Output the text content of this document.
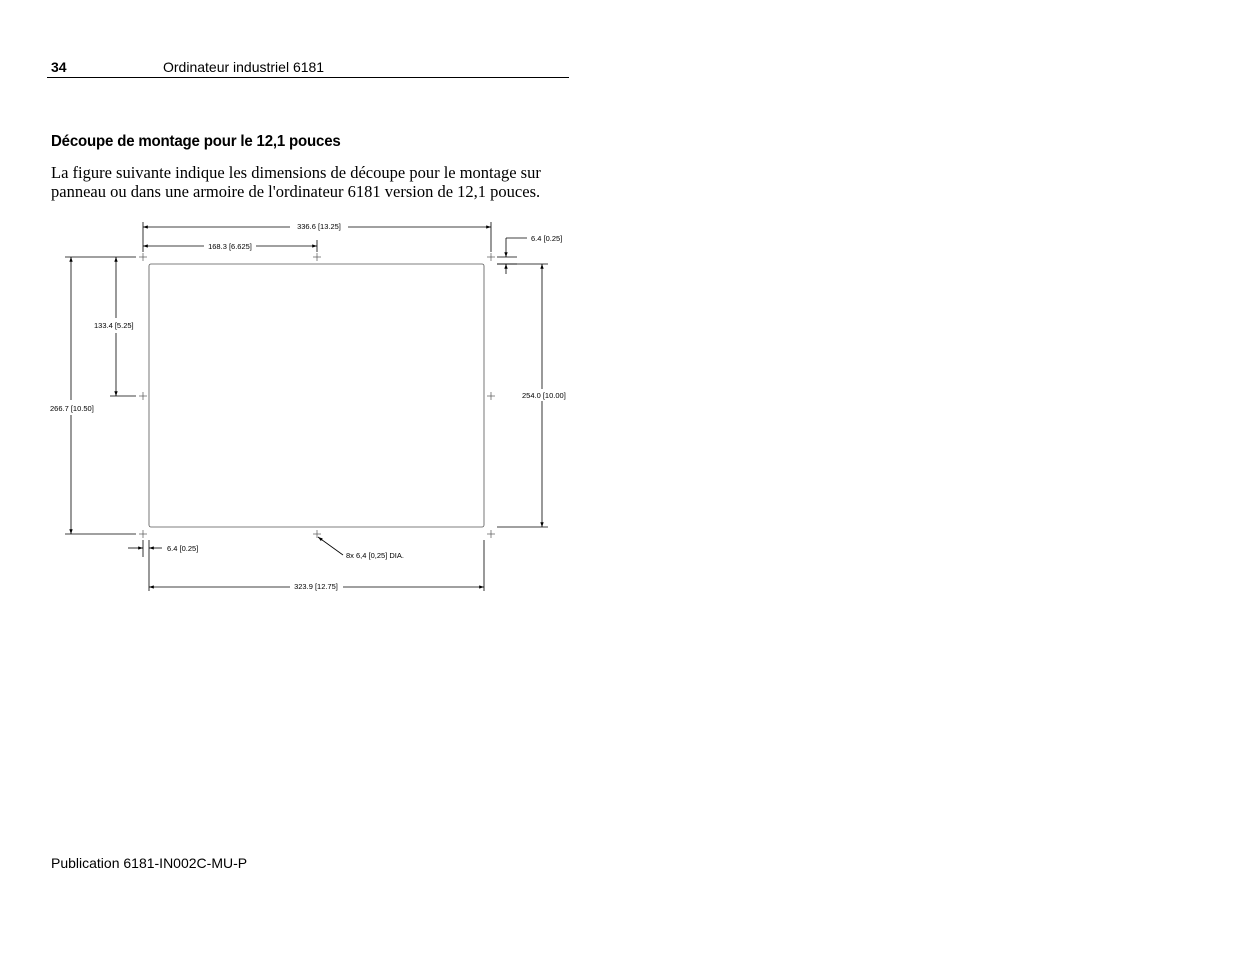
34	Ordinateur industriel 6181
Découpe de montage pour le 12,1 pouces
La figure suivante indique les dimensions de découpe pour le montage sur
panneau ou dans une armoire de l'ordinateur 6181 version de 12,1 pouces.
336.6 [13.25]
168.3 [6.625]
6.4 [0.25]
133.4 [5.25]
266.7 [10.50]
254.0 [10.00]
6.4 [0.25]
8x 6,4 [0,25] DIA.
323.9 [12.75]
Publication 6181-IN002C-MU-P
